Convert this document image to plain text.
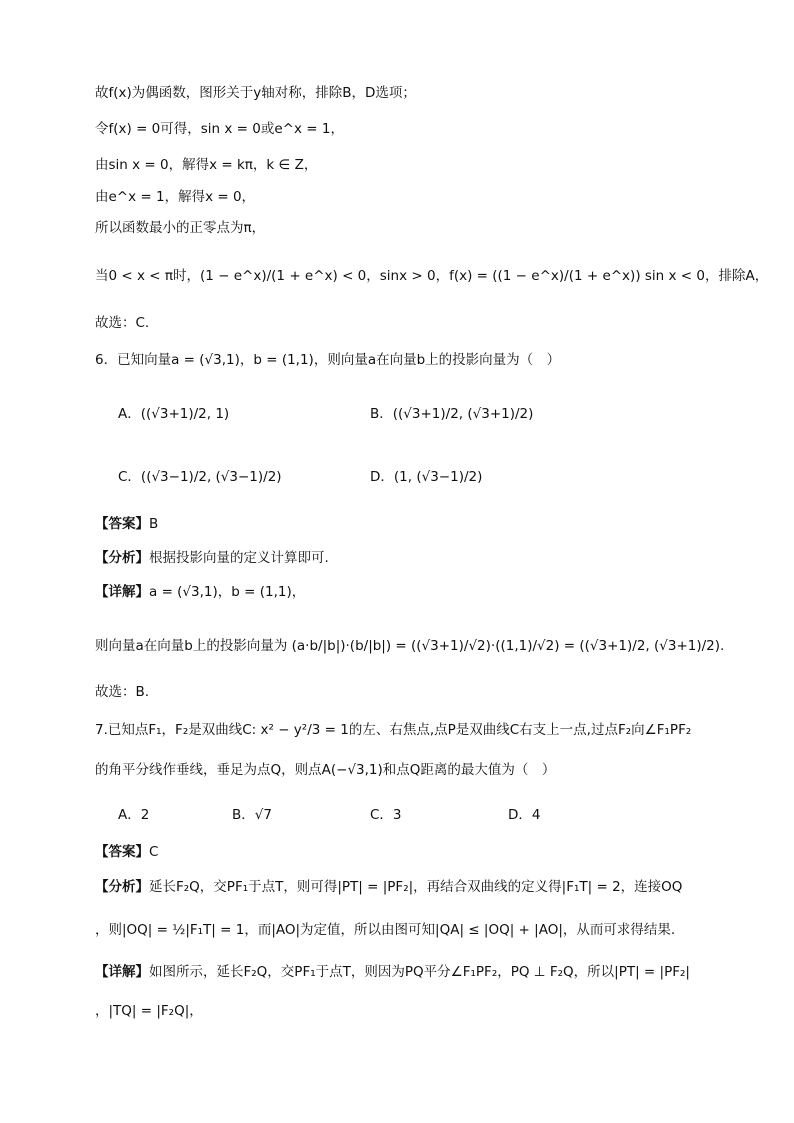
故f(x)为偶函数，图形关于y轴对称，排除B，D选项；
令f(x) = 0可得，sin x = 0或e^x = 1，
由sin x = 0，解得x = kπ，k ∈ Z，
由e^x = 1，解得x = 0，
所以函数最小的正零点为π，
当0 < x < π时，(1 − e^x)/(1 + e^x) < 0，sinx > 0，f(x) = ((1 − e^x)/(1 + e^x)) sin x < 0，排除A，
故选：C.
6．已知向量a = (√3,1)，b = (1,1)，则向量a在向量b上的投影向量为（　）
A．((√3+1)/2, 1)	B．((√3+1)/2, (√3+1)/2)
C．((√3−1)/2, (√3−1)/2)	D．(1, (√3−1)/2)
【答案】B
【分析】根据投影向量的定义计算即可.
【详解】a = (√3,1)，b = (1,1)，
则向量a在向量b上的投影向量为 (a·b/|b|)·(b/|b|) = ((√3+1)/√2)·((1,1)/√2) = ((√3+1)/2, (√3+1)/2).
故选：B.
7.已知点F₁，F₂是双曲线C: x² − y²/3 = 1的左、右焦点,点P是双曲线C右支上一点,过点F₂向∠F₁PF₂
的角平分线作垂线，垂足为点Q，则点A(−√3,1)和点Q距离的最大值为（　）
A．2	B．√7	C．3	D．4
【答案】C
【分析】延长F₂Q，交PF₁于点T，则可得|PT| = |PF₂|，再结合双曲线的定义得|F₁T| = 2，连接OQ
，则|OQ| = ½|F₁T| = 1，而|AO|为定值，所以由图可知|QA| ≤ |OQ| + |AO|，从而可求得结果.
【详解】如图所示，延长F₂Q，交PF₁于点T，则因为PQ平分∠F₁PF₂，PQ ⊥ F₂Q，所以|PT| = |PF₂|
，|TQ| = |F₂Q|，
